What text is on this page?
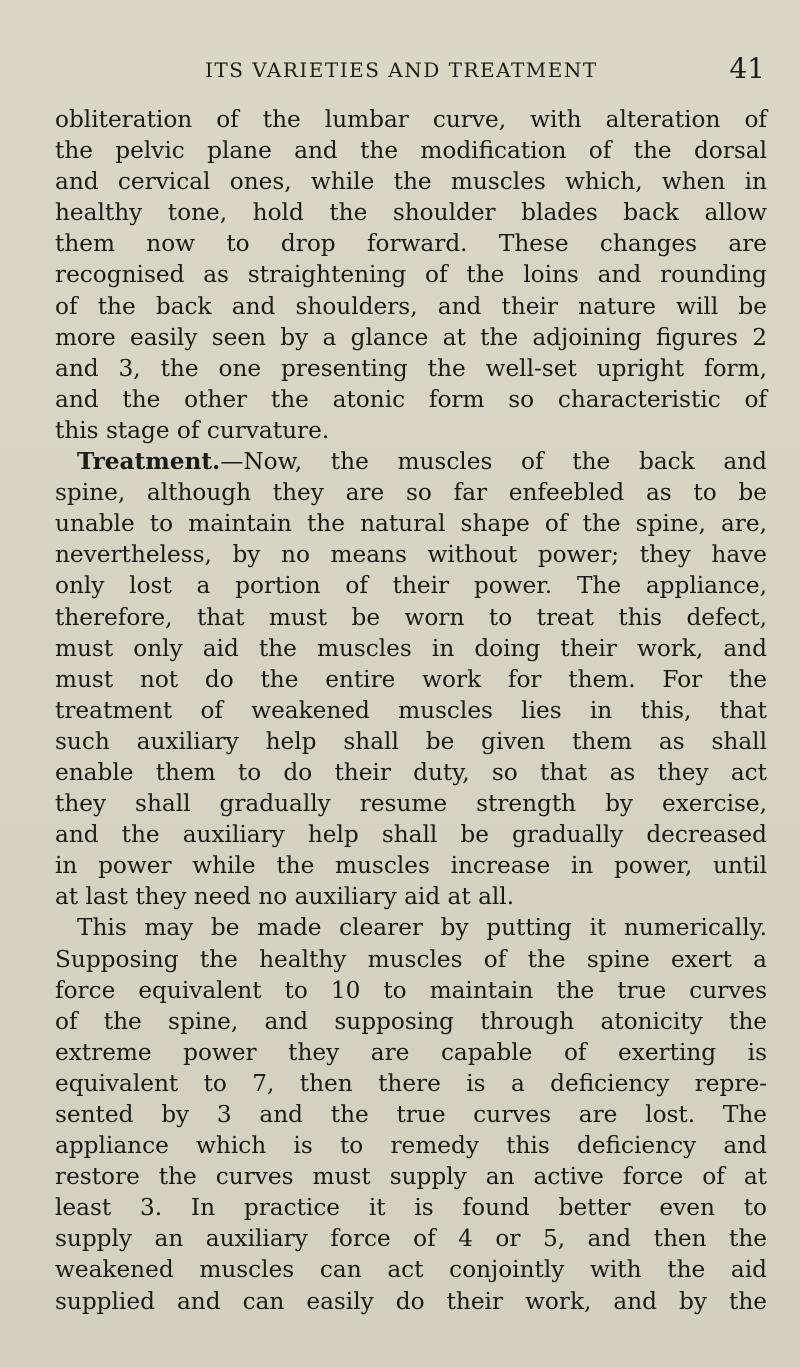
ITS VARIETIES AND TREATMENT	41
obliteration of the lumbar curve, with alteration of
the pelvic plane and the modification of the dorsal
and cervical ones, while the muscles which, when in
healthy tone, hold the shoulder blades back allow
them now to drop forward. These changes are
recognised as straightening of the loins and rounding
of the back and shoulders, and their nature will be
more easily seen by a glance at the adjoining figures 2
and 3, the one presenting the well-set upright form,
and the other the atonic form so characteristic of
this stage of curvature.
Treatment.—Now, the muscles of the back and
spine, although they are so far enfeebled as to be
unable to maintain the natural shape of the spine, are,
nevertheless, by no means without power; they have
only lost a portion of their power. The appliance,
therefore, that must be worn to treat this defect,
must only aid the muscles in doing their work, and
must not do the entire work for them. For the
treatment of weakened muscles lies in this, that
such auxiliary help shall be given them as shall
enable them to do their duty, so that as they act
they shall gradually resume strength by exercise,
and the auxiliary help shall be gradually decreased
in power while the muscles increase in power, until
at last they need no auxiliary aid at all.
This may be made clearer by putting it numerically.
Supposing the healthy muscles of the spine exert a
force equivalent to 10 to maintain the true curves
of the spine, and supposing through atonicity the
extreme power they are capable of exerting is
equivalent to 7, then there is a deficiency repre-
sented by 3 and the true curves are lost. The
appliance which is to remedy this deficiency and
restore the curves must supply an active force of at
least 3. In practice it is found better even to
supply an auxiliary force of 4 or 5, and then the
weakened muscles can act conjointly with the aid
supplied and can easily do their work, and by the
